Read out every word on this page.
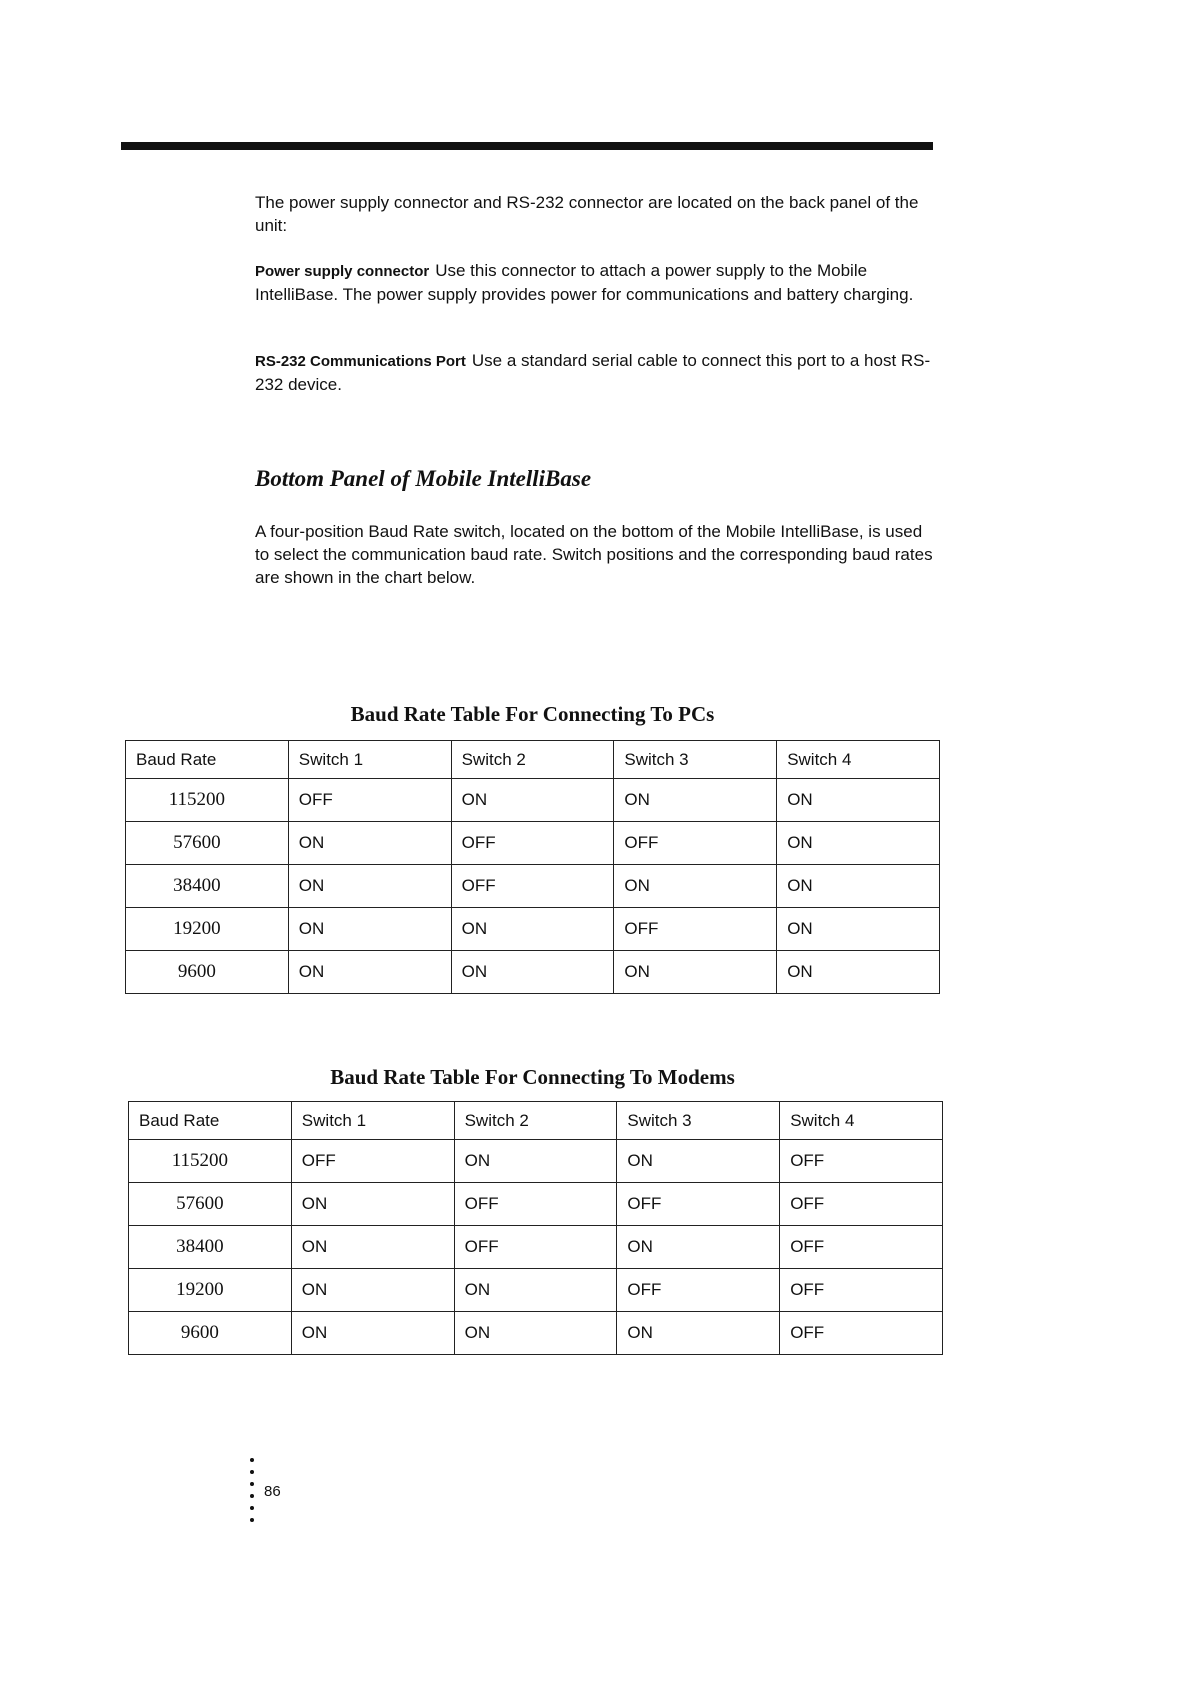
The power supply connector and RS-232 connector are located on the back panel of the unit:

Power supply connector Use this connector to attach a power supply to the Mobile IntelliBase. The power supply provides power for communications and battery charging.

RS-232 Communications Port Use a standard serial cable to connect this port to a host RS-232 device.

Bottom Panel of Mobile IntelliBase

A four-position Baud Rate switch, located on the bottom of the Mobile IntelliBase, is used to select the communication baud rate. Switch positions and the corresponding baud rates are shown in the chart below.

Baud Rate Table For Connecting To PCs
Baud Rate	Switch 1	Switch 2	Switch 3	Switch 4
115200	OFF	ON	ON	ON
57600	ON	OFF	OFF	ON
38400	ON	OFF	ON	ON
19200	ON	ON	OFF	ON
9600	ON	ON	ON	ON
Baud Rate Table For Connecting To Modems
Baud Rate	Switch 1	Switch 2	Switch 3	Switch 4
115200	OFF	ON	ON	OFF
57600	ON	OFF	OFF	OFF
38400	ON	OFF	ON	OFF
19200	ON	ON	OFF	OFF
9600	ON	ON	ON	OFF
86
